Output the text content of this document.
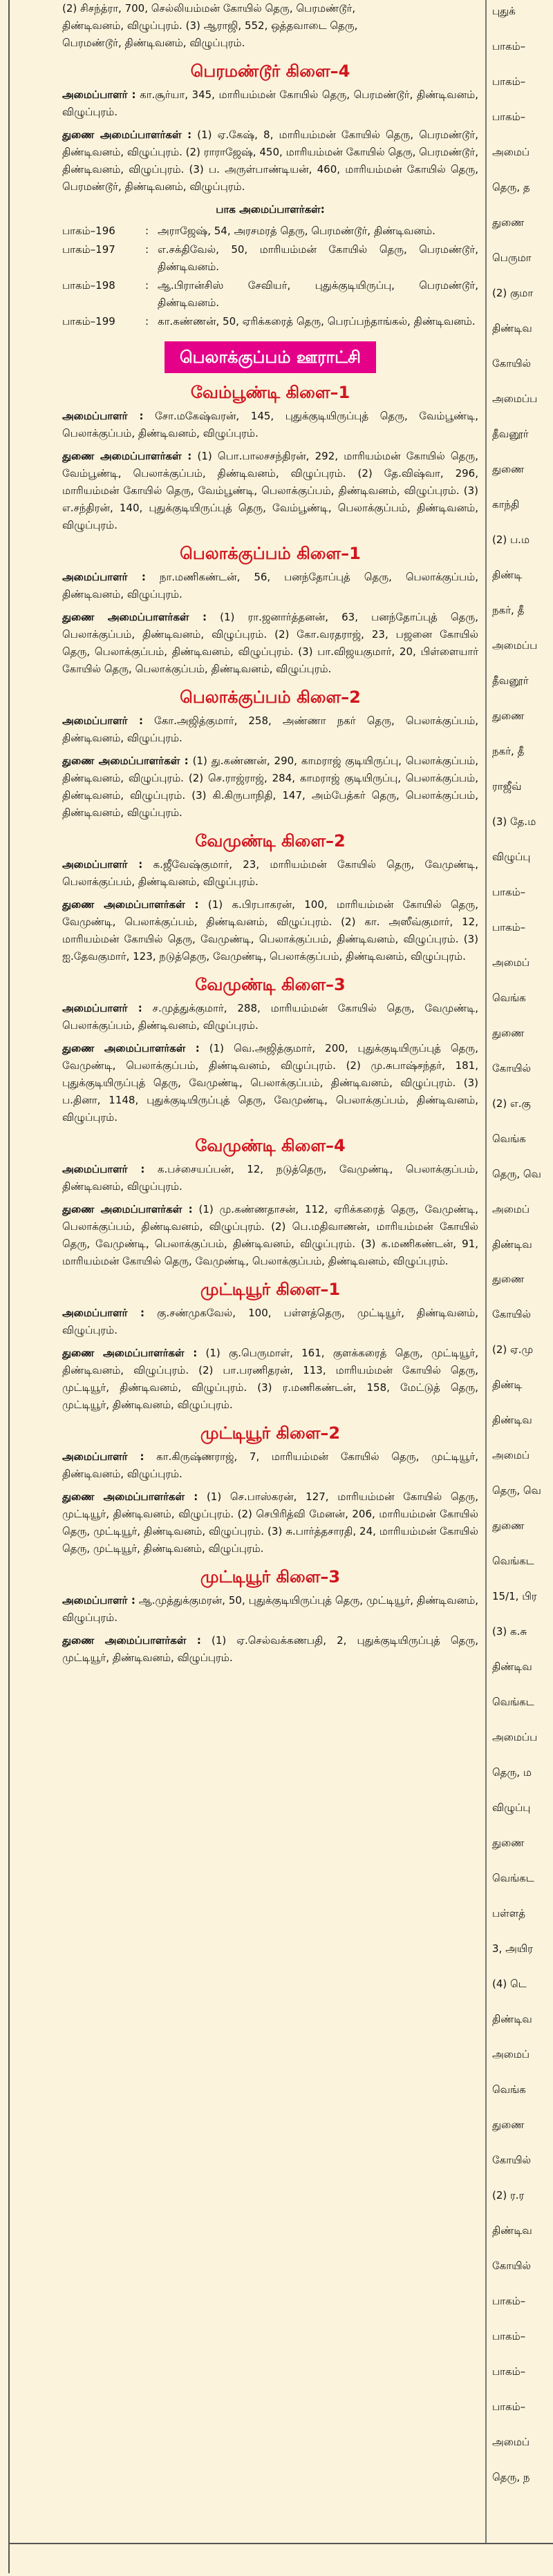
(2) சிசந்த்ரா, 700, செல்லியம்மன் கோயில் தெரு, பெரமண்டூர்,
திண்டிவனம், விழுப்புரம். (3) ஆராஜி, 552, ஒத்தவாடை தெரு,
பெரமண்டூர், திண்டிவனம், விழுப்புரம்.
பெரமண்டூர் கிளை–4

அமைப்பாளர் : கா.சூர்யா, 345, மாரியம்மன் கோயில் தெரு, பெரமண்டூர், திண்டிவனம், விழுப்புரம்.

துணை அமைப்பாளர்கள் : (1) ஏ.கேஷ், 8, மாரியம்மன் கோயில் தெரு, பெரமண்டூர், திண்டிவனம், விழுப்புரம். (2) ராராஜேஷ், 450, மாரியம்மன் கோயில் தெரு, பெரமண்டூர், திண்டிவனம், விழுப்புரம். (3) ப. அருள்பாண்டியன், 460, மாரியம்மன் கோயில் தெரு, பெரமண்டூர், திண்டிவனம், விழுப்புரம்.

பாக அமைப்பாளர்கள்:
பாகம்–196	: அராஜேஷ், 54, அரசமரத் தெரு, பெரமண்டூர், திண்டிவனம்.
பாகம்–197	: எ.சக்திவேல், 50, மாரியம்மன் கோயில் தெரு, பெரமண்டூர், திண்டிவனம்.
பாகம்–198	: ஆ.பிரான்சிஸ் சேவியர், புதுக்குடியிருப்பு, பெரமண்டூர், திண்டிவனம்.
பாகம்–199	: கா.கண்ணன், 50, ஏரிக்கரைத் தெரு, பெரப்பந்தாங்கல், திண்டிவனம்.
பெலாக்குப்பம் ஊராட்சி
வேம்பூண்டி கிளை–1

அமைப்பாளர் : சோ.மகேஷ்வரன், 145, புதுக்குடியிருப்புத் தெரு, வேம்பூண்டி, பெலாக்குப்பம், திண்டிவனம், விழுப்புரம்.

துணை அமைப்பாளர்கள் : (1) பொ.பாலசசந்திரன், 292, மாரியம்மன் கோயில் தெரு, வேம்பூண்டி, பெலாக்குப்பம், திண்டிவனம், விழுப்புரம். (2) தே.விஷ்வா, 296, மாரியம்மன் கோயில் தெரு, வேம்பூண்டி, பெலாக்குப்பம், திண்டிவனம், விழுப்புரம். (3) எ.சந்திரன், 140, புதுக்குடியிருப்புத் தெரு, வேம்பூண்டி, பெலாக்குப்பம், திண்டிவனம், விழுப்புரம்.

பெலாக்குப்பம் கிளை–1

அமைப்பாளர் : நா.மணிகண்டன், 56, பனந்தோப்புத் தெரு, பெலாக்குப்பம், திண்டிவனம், விழுப்புரம்.

துணை அமைப்பாளர்கள் : (1) ரா.ஜனார்த்தனன், 63, பனந்தோப்புத் தெரு, பெலாக்குப்பம், திண்டிவனம், விழுப்புரம். (2) கோ.வரதராஜ், 23, பஜனை கோயில் தெரு, பெலாக்குப்பம், திண்டிவனம், விழுப்புரம். (3) பா.விஜயகுமார், 20, பிள்ளையார் கோயில் தெரு, பெலாக்குப்பம், திண்டிவனம், விழுப்புரம்.

பெலாக்குப்பம் கிளை–2

அமைப்பாளர் : கோ.அஜித்குமார், 258, அண்ணா நகர் தெரு, பெலாக்குப்பம், திண்டிவனம், விழுப்புரம்.

துணை அமைப்பாளர்கள் : (1) து.கண்ணன், 290, காமராஜ் குடியிருப்பு, பெலாக்குப்பம், திண்டிவனம், விழுப்புரம். (2) செ.ராஜ்ராஜ், 284, காமராஜ் குடியிருப்பு, பெலாக்குப்பம், திண்டிவனம், விழுப்புரம். (3) கி.கிருபாநிதி, 147, அம்பேத்கர் தெரு, பெலாக்குப்பம், திண்டிவனம், விழுப்புரம்.

வேமுண்டி கிளை–2

அமைப்பாளர் : க.ஜீவேஷ்குமார், 23, மாரியம்மன் கோயில் தெரு, வேமுண்டி, பெலாக்குப்பம், திண்டிவனம், விழுப்புரம்.

துணை அமைப்பாளர்கள் : (1) க.பிரபாகரன், 100, மாரியம்மன் கோயில் தெரு, வேமுண்டி, பெலாக்குப்பம், திண்டிவனம், விழுப்புரம். (2) கா. அஸீவ்குமார், 12, மாரியம்மன் கோயில் தெரு, வேமுண்டி, பெலாக்குப்பம், திண்டிவனம், விழுப்புரம். (3) ஐ.தேவகுமார், 123, நடுத்தெரு, வேமுண்டி, பெலாக்குப்பம், திண்டிவனம், விழுப்புரம்.

வேமுண்டி கிளை–3

அமைப்பாளர் : ச.முத்துக்குமார், 288, மாரியம்மன் கோயில் தெரு, வேமுண்டி, பெலாக்குப்பம், திண்டிவனம், விழுப்புரம்.

துணை அமைப்பாளர்கள் : (1) வெ.அஜித்குமார், 200, புதுக்குடியிருப்புத் தெரு, வேமுண்டி, பெலாக்குப்பம், திண்டிவனம், விழுப்புரம். (2) மு.சுபாஷ்சந்தர், 181, புதுக்குடியிருப்புத் தெரு, வேமுண்டி, பெலாக்குப்பம், திண்டிவனம், விழுப்புரம். (3) ப.தினா, 1148, புதுக்குடியிருப்புத் தெரு, வேமுண்டி, பெலாக்குப்பம், திண்டிவனம், விழுப்புரம்.

வேமுண்டி கிளை–4

அமைப்பாளர் : க.பச்சையப்பன், 12, நடுத்தெரு, வேமுண்டி, பெலாக்குப்பம், திண்டிவனம், விழுப்புரம்.

துணை அமைப்பாளர்கள் : (1) மு.கண்ணதாசன், 112, ஏரிக்கரைத் தெரு, வேமுண்டி, பெலாக்குப்பம், திண்டிவனம், விழுப்புரம். (2) பெ.மதிவாணன், மாரியம்மன் கோயில் தெரு, வேமுண்டி, பெலாக்குப்பம், திண்டிவனம், விழுப்புரம். (3) க.மணிகண்டன், 91, மாரியம்மன் கோயில் தெரு, வேமுண்டி, பெலாக்குப்பம், திண்டிவனம், விழுப்புரம்.

முட்டியூர் கிளை–1

அமைப்பாளர் : கு.சண்முகவேல், 100, பள்ளத்தெரு, முட்டியூர், திண்டிவனம், விழுப்புரம்.

துணை அமைப்பாளர்கள் : (1) கு.பெருமாள், 161, குளக்கரைத் தெரு, முட்டியூர், திண்டிவனம், விழுப்புரம். (2) பா.பரணிதரன், 113, மாரியம்மன் கோயில் தெரு, முட்டியூர், திண்டிவனம், விழுப்புரம். (3) ர.மணிகண்டன், 158, மேட்டுத் தெரு, முட்டியூர், திண்டிவனம், விழுப்புரம்.

முட்டியூர் கிளை–2

அமைப்பாளர் : கா.கிருஷ்ணராஜ், 7, மாரியம்மன் கோயில் தெரு, முட்டியூர், திண்டிவனம், விழுப்புரம்.

துணை அமைப்பாளர்கள் : (1) செ.பாஸ்கரன், 127, மாரியம்மன் கோயில் தெரு, முட்டியூர், திண்டிவனம், விழுப்புரம். (2) செபிரித்வி மேனன், 206, மாரியம்மன் கோயில் தெரு, முட்டியூர், திண்டிவனம், விழுப்புரம். (3) சு.பார்த்தசாரதி, 24, மாரியம்மன் கோயில் தெரு, முட்டியூர், திண்டிவனம், விழுப்புரம்.

முட்டியூர் கிளை–3

அமைப்பாளர் : ஆ.முத்துக்குமரன், 50, புதுக்குடியிருப்புத் தெரு, முட்டியூர், திண்டிவனம், விழுப்புரம்.

துணை அமைப்பாளர்கள் : (1) ஏ.செல்வக்கணபதி, 2, புதுக்குடியிருப்புத் தெரு, முட்டியூர், திண்டிவனம், விழுப்புரம்.

புதுக்
பாகம்–
பாகம்–
பாகம்–
அமைப்
தெரு, த
துணை
பெருமா
(2) குமா
திண்டிவ
கோயில்
அமைப்ப
தீவனூர்
துணை
காந்தி
(2) ப.ம
திண்டி
நகர், தீ
அமைப்ப
தீவனூர்
துணை
நகர், தீ
ராஜீவ்
(3) தே.ம
விழுப்பு
பாகம்–
பாகம்–
அமைப்
வெங்க
துணை
கோயில்
(2) எ.கு
வெங்க
தெரு, வெ
அமைப்
திண்டிவ
துணை
கோயில்
(2) ஏ.மு
திண்டி
திண்டிவ
அமைப்
தெரு, வெ
துணை
வெங்கட
15/1, பிர
(3) க.சு
திண்டிவ
வெங்கட
அமைப்ப
தெரு, ம
விழுப்பு
துணை
வெங்கட
பள்ளத்
3, அயிர
(4) டெ
திண்டிவ
அமைப்
வெங்க
துணை
கோயில்
(2) ர.ர
திண்டிவ
கோயில்
பாகம்–
பாகம்–
பாகம்–
பாகம்–
அமைப்
தெரு, ந
